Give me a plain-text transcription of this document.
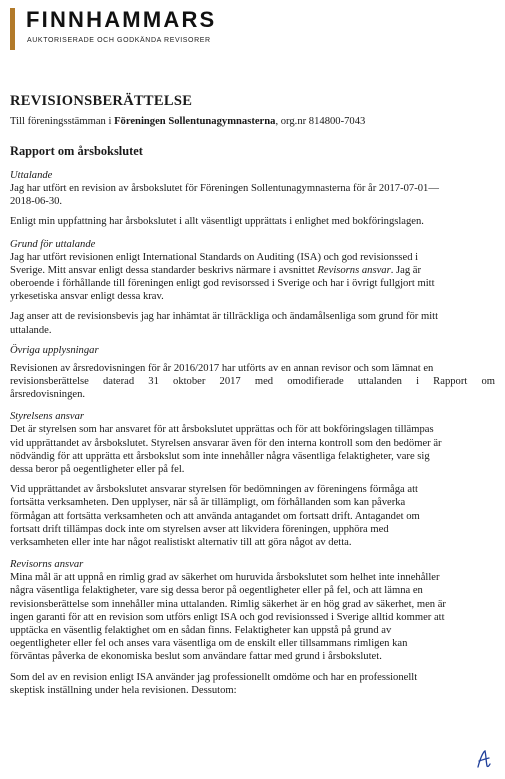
FINNHAMMARS
AUKTORISERADE OCH GODKÄNDA REVISORER
REVISIONSBERÄTTELSE
Till föreningsstämman i Föreningen Sollentunagymnasterna, org.nr 814800-7043
Rapport om årsbokslutet
Uttalande

Jag har utfört en revision av årsbokslutet för Föreningen Sollentunagymnasterna för år 2017-07-01—
2018-06-30.

Enligt min uppfattning har årsbokslutet i allt väsentligt upprättats i enlighet med bokföringslagen.

Grund för uttalande

Jag har utfört revisionen enligt International Standards on Auditing (ISA) och god revisionssed i
Sverige. Mitt ansvar enligt dessa standarder beskrivs närmare i avsnittet Revisorns ansvar. Jag är
oberoende i förhållande till föreningen enligt god revisorssed i Sverige och har i övrigt fullgjort mitt
yrkesetiska ansvar enligt dessa krav.

Jag anser att de revisionsbevis jag har inhämtat är tillräckliga och ändamålsenliga som grund för mitt
uttalande.

Övriga upplysningar

Revisionen av årsredovisningen för år 2016/2017 har utförts av en annan revisor och som lämnat en
revisionsberättelse daterad 31 oktober 2017 med omodifierade uttalanden i Rapport om
årsredovisningen.

Styrelsens ansvar

Det är styrelsen som har ansvaret för att årsbokslutet upprättas och för att bokföringslagen tillämpas
vid upprättandet av årsbokslutet. Styrelsen ansvarar även för den interna kontroll som den bedömer är
nödvändig för att upprätta ett årsbokslut som inte innehåller några väsentliga felaktigheter, vare sig
dessa beror på oegentligheter eller på fel.

Vid upprättandet av årsbokslutet ansvarar styrelsen för bedömningen av föreningens förmåga att
fortsätta verksamheten. Den upplyser, när så är tillämpligt, om förhållanden som kan påverka
förmågan att fortsätta verksamheten och att använda antagandet om fortsatt drift. Antagandet om
fortsatt drift tillämpas dock inte om styrelsen avser att likvidera föreningen, upphöra med
verksamheten eller inte har något realistiskt alternativ till att göra något av detta.

Revisorns ansvar

Mina mål är att uppnå en rimlig grad av säkerhet om huruvida årsbokslutet som helhet inte innehåller
några väsentliga felaktigheter, vare sig dessa beror på oegentligheter eller på fel, och att lämna en
revisionsberättelse som innehåller mina uttalanden. Rimlig säkerhet är en hög grad av säkerhet, men är
ingen garanti för att en revision som utförs enligt ISA och god revisionssed i Sverige alltid kommer att
upptäcka en väsentlig felaktighet om en sådan finns. Felaktigheter kan uppstå på grund av
oegentligheter eller fel och anses vara väsentliga om de enskilt eller tillsammans rimligen kan
förväntas påverka de ekonomiska beslut som användare fattar med grund i årsbokslutet.

Som del av en revision enligt ISA använder jag professionellt omdöme och har en professionellt
skeptisk inställning under hela revisionen. Dessutom:
